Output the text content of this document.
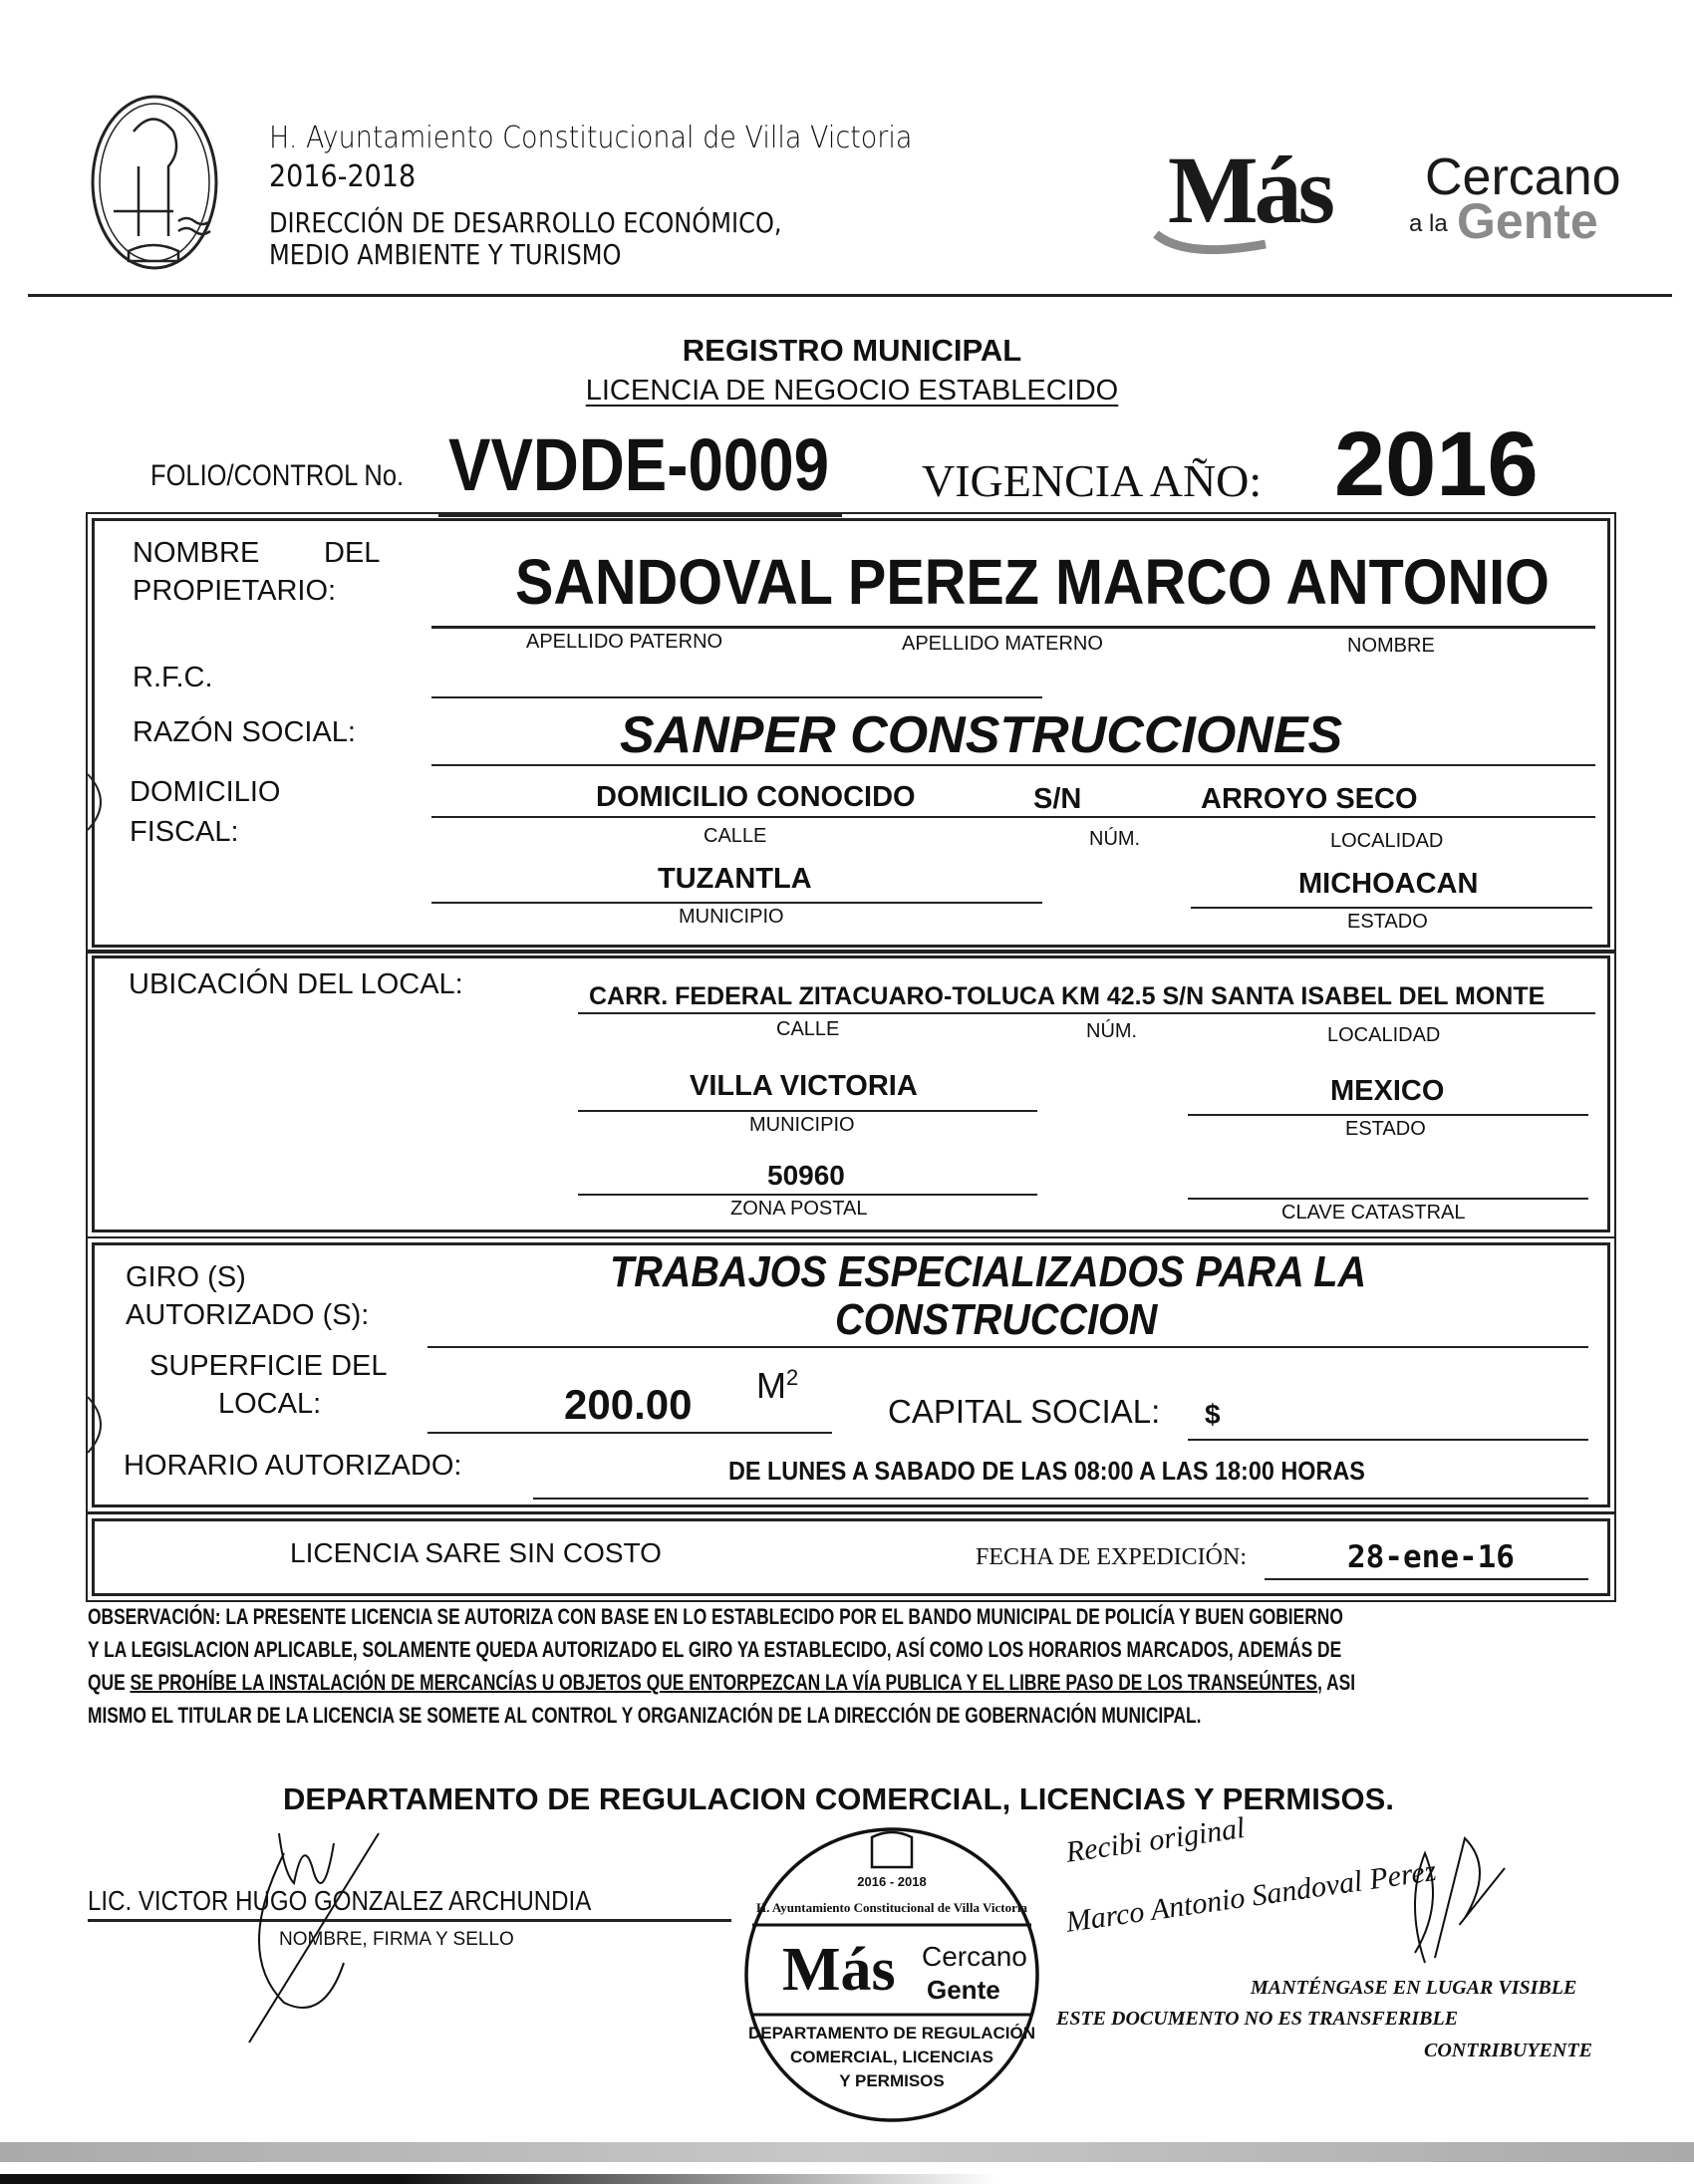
H. Ayuntamiento Constitucional de Villa Victoria
2016-2018
DIRECCIÓN DE DESARROLLO ECONÓMICO,
MEDIO AMBIENTE Y TURISMO
Más Cercano
a la Gente
REGISTRO MUNICIPAL
LICENCIA DE NEGOCIO ESTABLECIDO
FOLIO/CONTROL No. VVDDE-0009 VIGENCIA AÑO: 2016
NOMBRE DEL
PROPIETARIO:	SANDOVAL PEREZ MARCO ANTONIO
APELLIDO PATERNO	APELLIDO MATERNO	NOMBRE
R.F.C.
RAZÓN SOCIAL:	SANPER CONSTRUCCIONES
DOMICILIO
FISCAL:
DOMICILIO CONOCIDO	S/N	ARROYO SECO
CALLE	NÚM.	LOCALIDAD
TUZANTLA	MICHOACAN
MUNICIPIO	ESTADO
UBICACIÓN DEL LOCAL:	CARR. FEDERAL ZITACUARO-TOLUCA KM 42.5 S/N SANTA ISABEL DEL MONTE
CALLE	NÚM.	LOCALIDAD
VILLA VICTORIA	MEXICO
MUNICIPIO	ESTADO
50960
ZONA POSTAL	CLAVE CATASTRAL
GIRO (S)
AUTORIZADO (S):
TRABAJOS ESPECIALIZADOS PARA LA
CONSTRUCCION
SUPERFICIE DEL
LOCAL:	200.00 $M^2$
CAPITAL SOCIAL: $
HORARIO AUTORIZADO:	DE LUNES A SABADO DE LAS 08:00 A LAS 18:00 HORAS
LICENCIA SARE SIN COSTO	FECHA DE EXPEDICIÓN:	28-ene-16
OBSERVACIÓN: LA PRESENTE LICENCIA SE AUTORIZA CON BASE EN LO ESTABLECIDO POR EL BANDO MUNICIPAL DE POLICÍA Y BUEN GOBIERNO
Y LA LEGISLACION APLICABLE, SOLAMENTE QUEDA AUTORIZADO EL GIRO YA ESTABLECIDO, ASÍ COMO LOS HORARIOS MARCADOS, ADEMÁS DE
QUE SE PROHÍBE LA INSTALACIÓN DE MERCANCÍAS U OBJETOS QUE ENTORPEZCAN LA VÍA PUBLICA Y EL LIBRE PASO DE LOS TRANSEÚNTES, ASI
MISMO EL TITULAR DE LA LICENCIA SE SOMETE AL CONTROL Y ORGANIZACIÓN DE LA DIRECCIÓN DE GOBERNACIÓN MUNICIPAL.
DEPARTAMENTO DE REGULACION COMERCIAL, LICENCIAS Y PERMISOS.
LIC. VICTOR HUGO GONZALEZ ARCHUNDIA
NOMBRE, FIRMA Y SELLO
2016 - 2018
H. Ayuntamiento Constitucional de Villa Victoria
Más Cercano
Gente
DEPARTAMENTO DE REGULACIÓN
COMERCIAL, LICENCIAS
Y PERMISOS
Recibi original
Marco Antonio Sandoval Perez
MANTÉNGASE EN LUGAR VISIBLE
ESTE DOCUMENTO NO ES TRANSFERIBLE
CONTRIBUYENTE
